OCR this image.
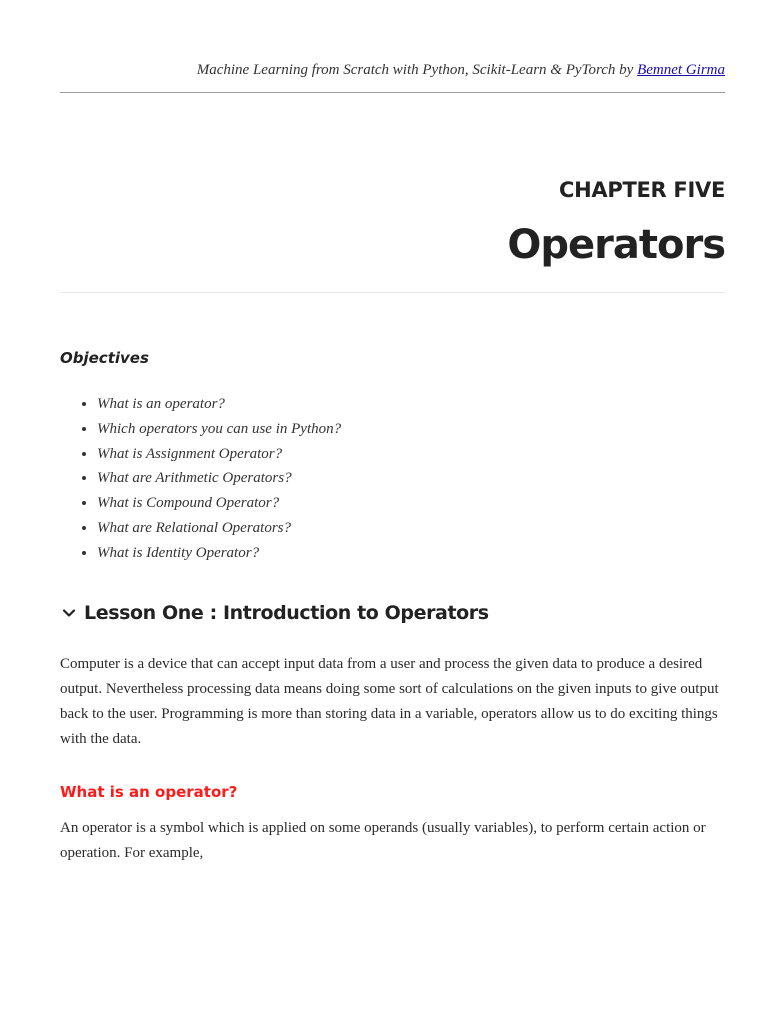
Machine Learning from Scratch with Python, Scikit-Learn & PyTorch by Bemnet Girma
CHAPTER FIVE
Operators
Objectives
• What is an operator?
• Which operators you can use in Python?
• What is Assignment Operator?
• What are Arithmetic Operators?
• What is Compound Operator?
• What are Relational Operators?
• What is Identity Operator?
Lesson One : Introduction to Operators

Computer is a device that can accept input data from a user and process the given data to produce a desired output. Nevertheless processing data means doing some sort of calculations on the given inputs to give output back to the user. Programming is more than storing data in a variable, operators allow us to do exciting things with the data.

What is an operator?

An operator is a symbol which is applied on some operands (usually variables), to perform certain action or operation. For example,
